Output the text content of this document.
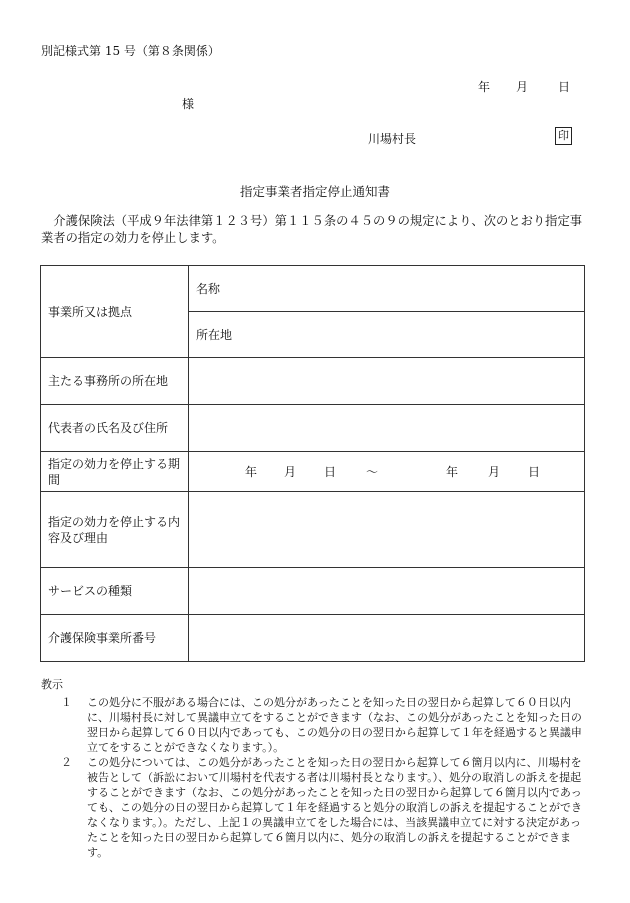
別記様式第 15 号（第８条関係）
年 月 日
様
川場村長	印
指定事業者指定停止通知書
介護保険法（平成９年法律第１２３号）第１１５条の４５の９の規定により、次のとおり指定事業者の指定の効力を停止します。
事業所又は拠点	名称
	所在地
主たる事務所の所在地	
代表者の氏名及び住所	
指定の効力を停止する期間	年 月 日 ～ 年 月 日
指定の効力を停止する内容及び理由	
サービスの種類	
介護保険事業所番号	

教示

１ この処分に不服がある場合には、この処分があったことを知った日の翌日から起算して６０日以内に、川場村長に対して異議申立てをすることができます（なお、この処分があったことを知った日の翌日から起算して６０日以内であっても、この処分の日の翌日から起算して１年を経過すると異議申立てをすることができなくなります。）。

２ この処分については、この処分があったことを知った日の翌日から起算して６箇月以内に、川場村を被告として（訴訟において川場村を代表する者は川場村長となります。）、処分の取消しの訴えを提起することができます（なお、この処分があったことを知った日の翌日から起算して６箇月以内であっても、この処分の日の翌日から起算して１年を経過すると処分の取消しの訴えを提起することができなくなります。）。ただし、上記１の異議申立てをした場合には、当該異議申立てに対する決定があったことを知った日の翌日から起算して６箇月以内に、処分の取消しの訴えを提起することができます。
